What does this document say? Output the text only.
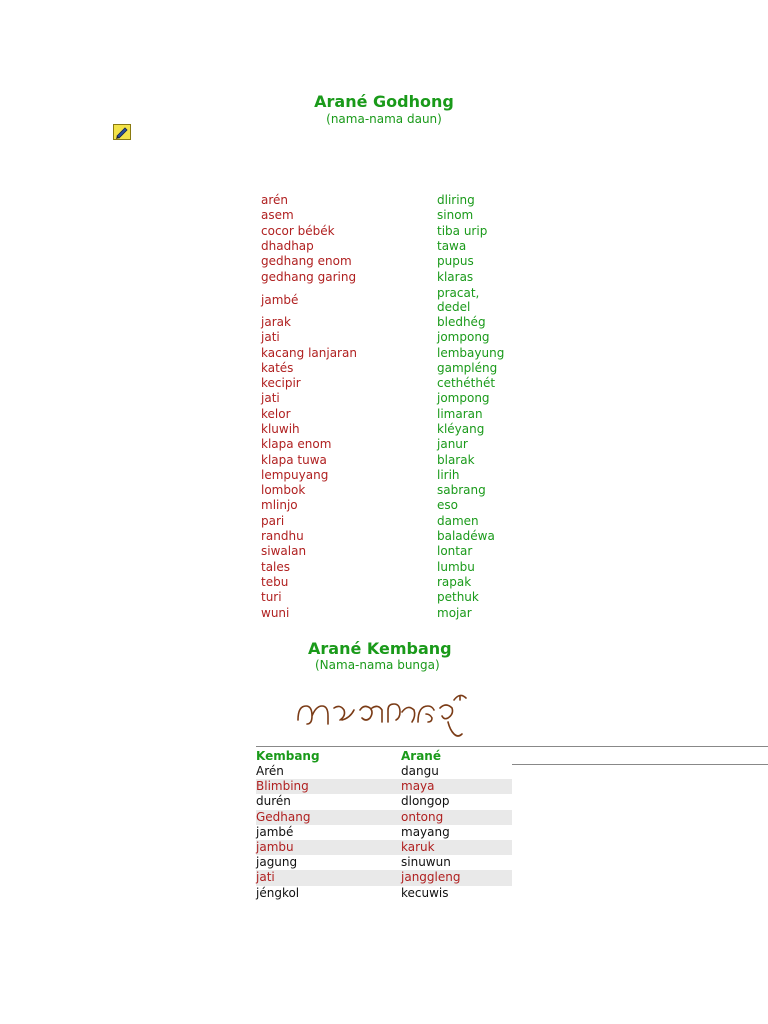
Arané Godhong
(nama-nama daun)
arén	dliring
asem	sinom
cocor bébék	tiba urip
dhadhap	tawa
gedhang enom	pupus
gedhang garing	klaras
jambé	pracat,
dedel
jarak	bledhég
jati	jompong
kacang lanjaran	lembayung
katés	gampléng
kecipir	cethéthét
jati	jompong
kelor	limaran
kluwih	kléyang
klapa enom	janur
klapa tuwa	blarak
lempuyang	lirih
lombok	sabrang
mlinjo	eso
pari	damen
randhu	baladéwa
siwalan	lontar
tales	lumbu
tebu	rapak
turi	pethuk
wuni	mojar
Arané Kembang
(Nama-nama bunga)
Kembang	Arané
Arén	dangu
Blimbing	maya
durén	dlongop
Gedhang	ontong
jambé	mayang
jambu	karuk
jagung	sinuwun
jati	janggleng
jéngkol	kecuwis
